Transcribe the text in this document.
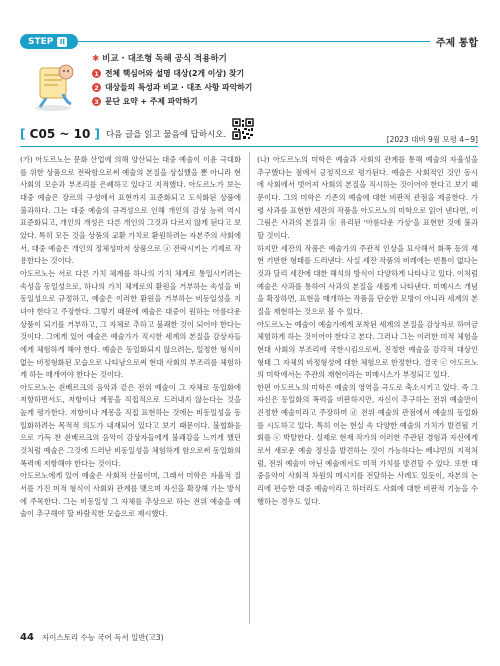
STEP II	주제 통합
✱ 비교 · 대조형 독해 공식 적용하기
1 전체 핵심어와 설명 대상(2개 이상) 찾기
2 대상들의 특성과 비교 · 대조 사항 파악하기
3 문단 요약 + 주제 파악하기
[ C05 ~ 10 ] 다음 글을 읽고 물음에 답하시오.	[2023 대비 9월 모평 4~9]

(가) 아도르노는 문화 산업에 의해 양산되는 대중 예술이 이윤 극대화를 위한 상품으로 전락함으로써 예술의 본질을 상실했을 뿐 아니라 현 사회의 모순과 부조리를 은폐하고 있다고 지적했다. 아도르노가 보는 대중 예술은 장르의 구성에서 표현까지 표준화되고 도식화된 상품에 불과하다. 그는 대중 예술의 규격성으로 인해 개인의 감상 능력 역시 표준화되고, 개인의 개성은 다른 개인의 그것과 다르지 않게 된다고 보았다. 특히 모든 것을 상품의 교환 가치로 환원하려는 자본주의 사회에서, 대중 예술은 개인의 정체성마저 상품으로 ⓐ 전락시키는 기제로 작용한다는 것이다.

아도르노는 서로 다른 가치 체계를 하나의 가치 체계로 통일시키려는 속성을 동일성으로, 하나의 가치 체계로의 환원을 거부하는 속성을 비동일성으로 규정하고, 예술은 이러한 환원을 거부하는 비동일성을 지녀야 한다고 주장한다. 그렇기 때문에 예술은 대중이 원하는 아름다운 상품이 되기를 거부하고, 그 자체로 추하고 불쾌한 것이 되어야 한다는 것이다. 그에게 있어 예술은 예술가가 직시한 세계의 본질을 감상자들에게 체험하게 해야 한다. 예술은 동일화되지 않으려는, 일정한 형식이 없는 비정형화된 모습으로 나타남으로써 현대 사회의 부조리를 체험하게 하는 매개여야 한다는 것이다.

아도르노는 쇤베르크의 음악과 같은 전위 예술이 그 자체로 동일화에 저항하면서도, 저항이나 계몽을 직접적으로 드러내지 않는다는 것을 높게 평가한다. 저항이나 계몽을 직접 표현하는 것에는 비동일성을 동일화하려는 목적적 의도가 내재되어 있다고 보기 때문이다. 불협화음으로 가득 찬 쇤베르크의 음악이 감상자들에게 불쾌감을 느끼게 했던 것처럼 예술은 그것에 드러난 비동일성을 체험하게 함으로써 동일화의 폭력에 저항해야 한다는 것이다.

아도르노에게 있어 예술은 사회적 산물이며, 그래서 미학은 자율적 질서를 가진 미적 형식이 사회와 관계를 맺으며 자신을 확장해 가는 방식에 주목한다. 그는 비동일성 그 자체를 추상으로 하는 전위 예술을 예술이 추구해야 할 바람직한 모습으로 제시했다.

(나) 아도르노의 미학은 예술과 사회의 관계를 통해 예술의 자율성을 추구했다는 점에서 긍정적으로 평가된다. 예술은 사회적인 것인 동시에 사회에서 벗어져 사회의 본질을 직시하는 것이어야 한다고 보기 때문이다. 그의 미학은 기존의 예술에 대한 비판적 관점을 제공한다. 가령 사과를 표현한 세잔의 작품을 아도르노의 미학으로 읽어 낸다면, 이 그림은 사과의 본질과 ⓑ 유리된 '아름다운 가상'을 표현한 것에 불과할 것이다.

하지만 세잔의 작품은 예술가의 주관적 인상을 묘사해서 화폭 등의 재현 기반한 형태를 드러낸다. 사실 세잔 작품의 비례에는 빈틈이 없다는 것과 달리 세잔에 대한 해석의 방식이 다양하게 나타나고 있다. 이처럼 예술은 사과를 통하여 사과의 본질을 새롭게 나타낸다. 미메시스 개념을 확장하면, 표현을 매개하는 작품을 단순한 모방이 아니라 세계의 본질을 재현하는 것으로 볼 수 있다.

아도르노는 예술이 예술가에게 포착된 세계의 본질을 감상자로 하여금 체험하게 하는 것이어야 한다고 본다. 그러나 그는 이러한 미적 체험을 현대 사회의 부조리에 국한시킴으로써, 진정한 예술을 감각적 대상인 형태 그 자체의 비정형성에 대한 체험으로 한정한다. 결국 ⓒ 아도르노의 미학에서는 주관의 재현이라는 미메시스가 부정되고 있다.

한편 아도르노의 미학은 예술의 영역을 극도로 축소시키고 있다. 즉 그 자신은 동일화의 폭력을 비판하지만, 자신이 추구하는 전위 예술만이 진정한 예술이라고 주장하며 ⓓ 전위 예술의 관점에서 예술의 동일화를 시도하고 있다. 특히 이는 현실 속 다양한 예술의 가치가 발견될 기회를 ⓔ 박탈한다. 실제로 현재 작가의 이러한 주관된 경험과 자신에게로서 새로운 예술 정신을 발견하는 것이 가능하다는 베냐민의 지적처럼, 전위 예술이 아닌 예술에서도 미적 가치를 발견할 수 있다. 또한 대중음악이 사회적 차원의 메시지를 전달하는 사례도 있듯이, 자본의 논리에 편승한 대중 예술이라고 하더라도 사회에 대한 비판적 기능을 수행하는 경우도 있다.

44 자이스토리 수능 국어 독서 일반(고3)
